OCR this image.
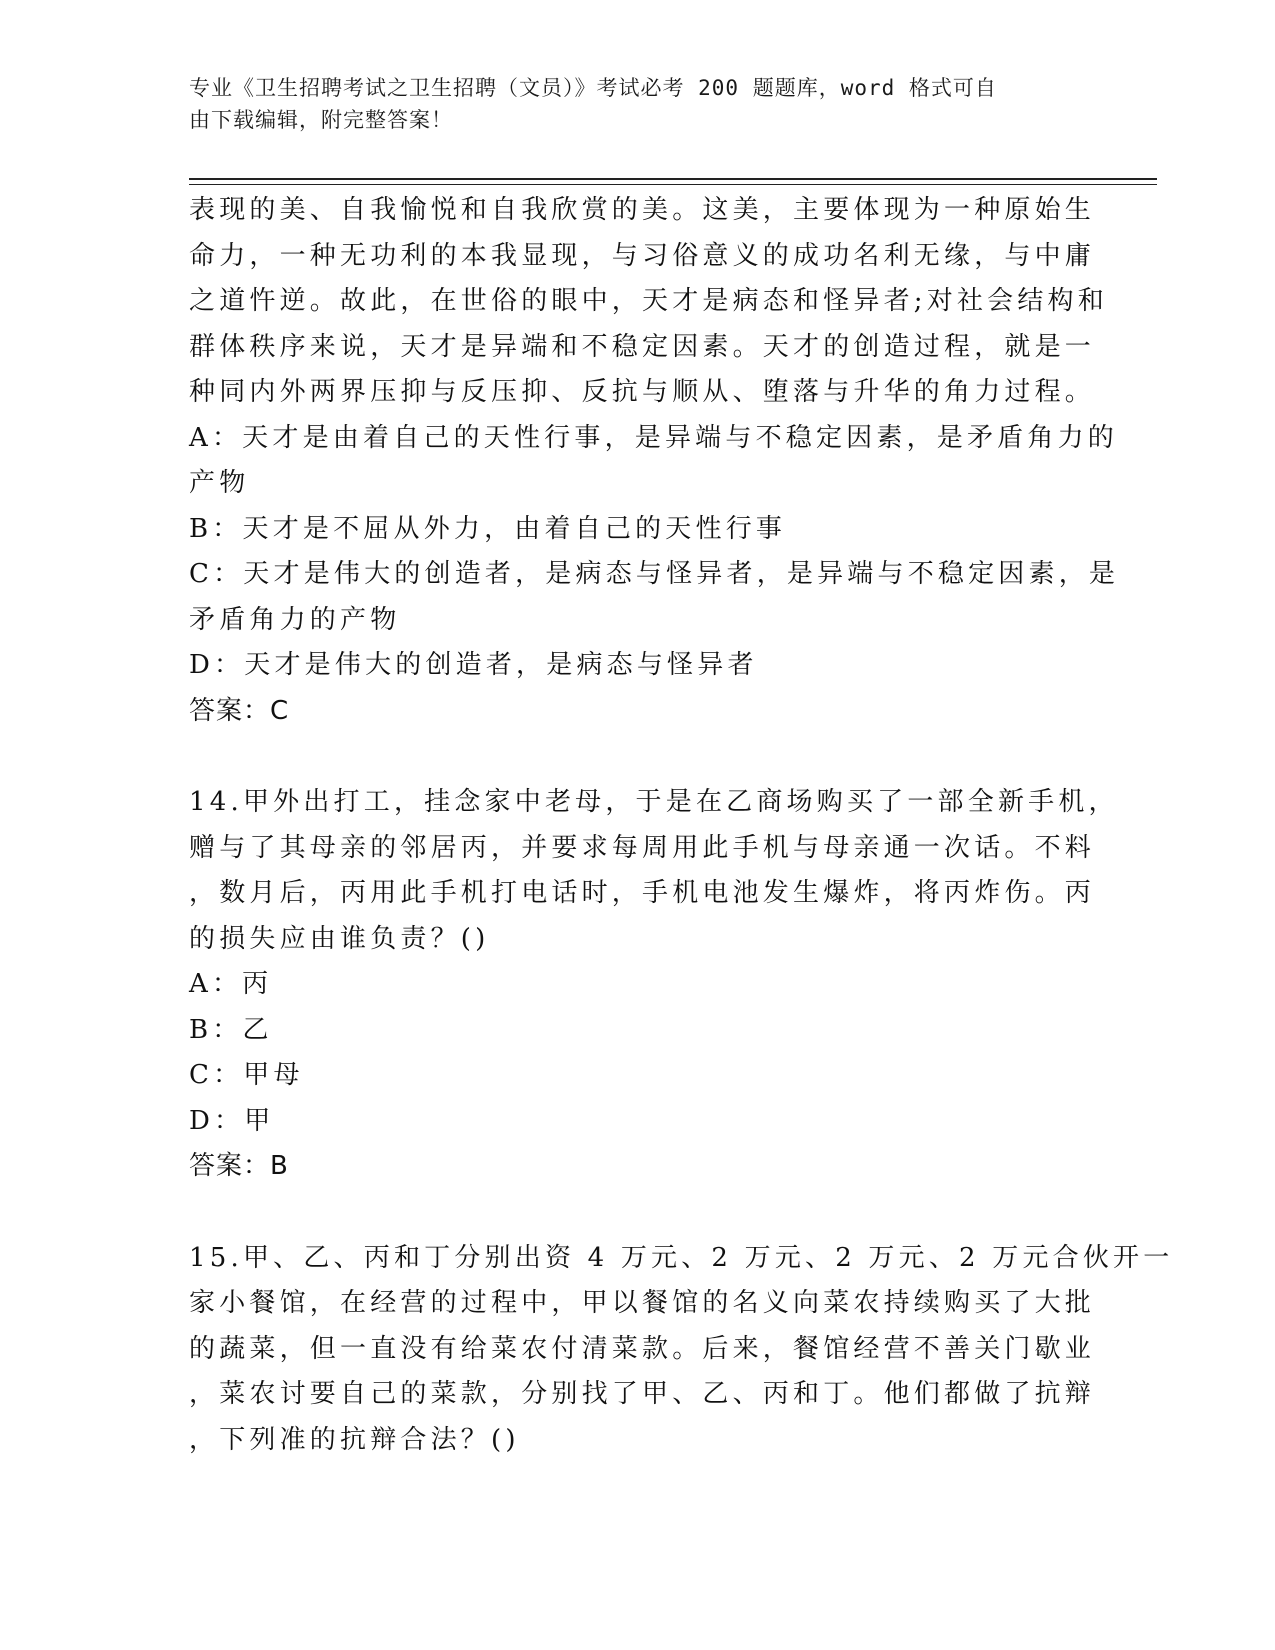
专业《卫生招聘考试之卫生招聘（文员）》考试必考 200 题题库，word 格式可自
由下载编辑，附完整答案！
表现的美、自我愉悦和自我欣赏的美。这美，主要体现为一种原始生
命力，一种无功利的本我显现，与习俗意义的成功名利无缘，与中庸
之道忤逆。故此，在世俗的眼中，天才是病态和怪异者;对社会结构和
群体秩序来说，天才是异端和不稳定因素。天才的创造过程，就是一
种同内外两界压抑与反压抑、反抗与顺从、堕落与升华的角力过程。
A：天才是由着自己的天性行事，是异端与不稳定因素，是矛盾角力的
产物
B：天才是不屈从外力，由着自己的天性行事
C：天才是伟大的创造者，是病态与怪异者，是异端与不稳定因素，是
矛盾角力的产物
D：天才是伟大的创造者，是病态与怪异者
答案：C
14.甲外出打工，挂念家中老母，于是在乙商场购买了一部全新手机，
赠与了其母亲的邻居丙，并要求每周用此手机与母亲通一次话。不料
，数月后，丙用此手机打电话时，手机电池发生爆炸，将丙炸伤。丙
的损失应由谁负责？()
A：丙
B：乙
C：甲母
D：甲
答案：B
15.甲、乙、丙和丁分别出资 4 万元、2 万元、2 万元、2 万元合伙开一
家小餐馆，在经营的过程中，甲以餐馆的名义向菜农持续购买了大批
的蔬菜，但一直没有给菜农付清菜款。后来，餐馆经营不善关门歇业
，菜农讨要自己的菜款，分别找了甲、乙、丙和丁。他们都做了抗辩
，下列准的抗辩合法？()
